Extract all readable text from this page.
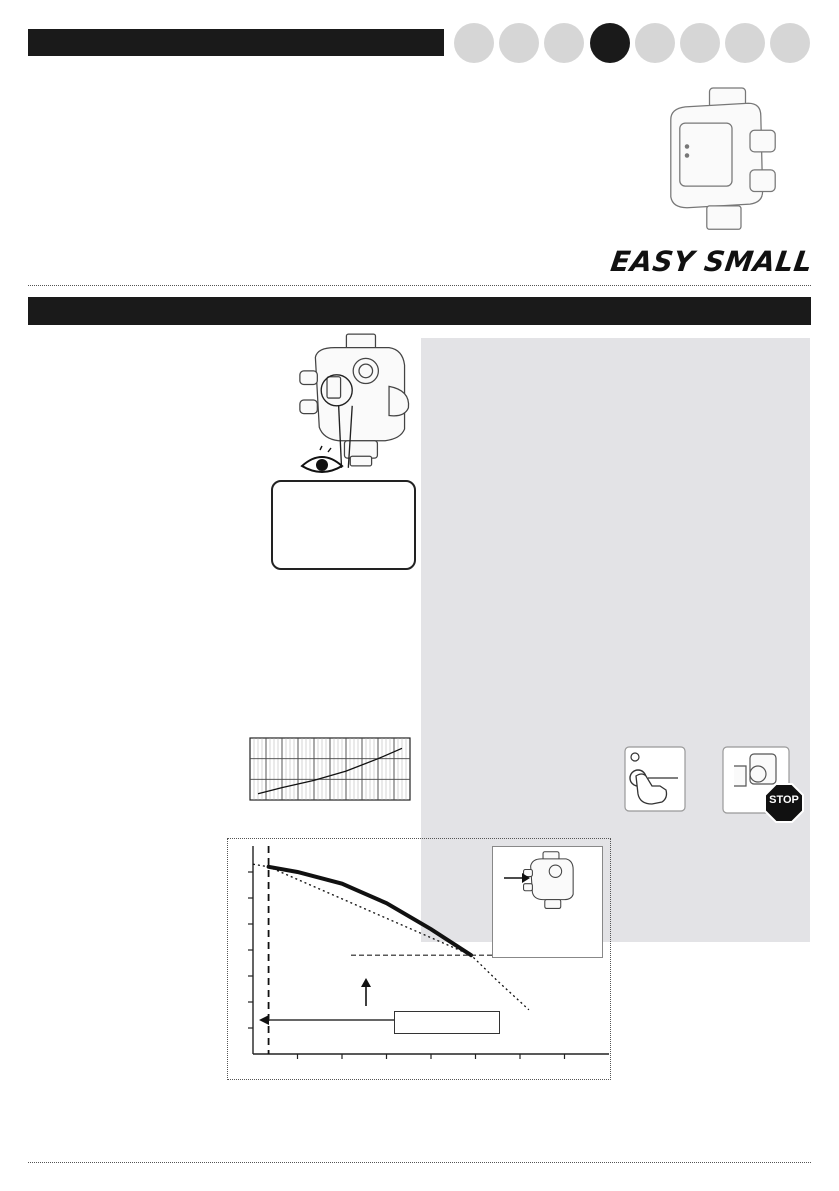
EASY SMALL
STOP
